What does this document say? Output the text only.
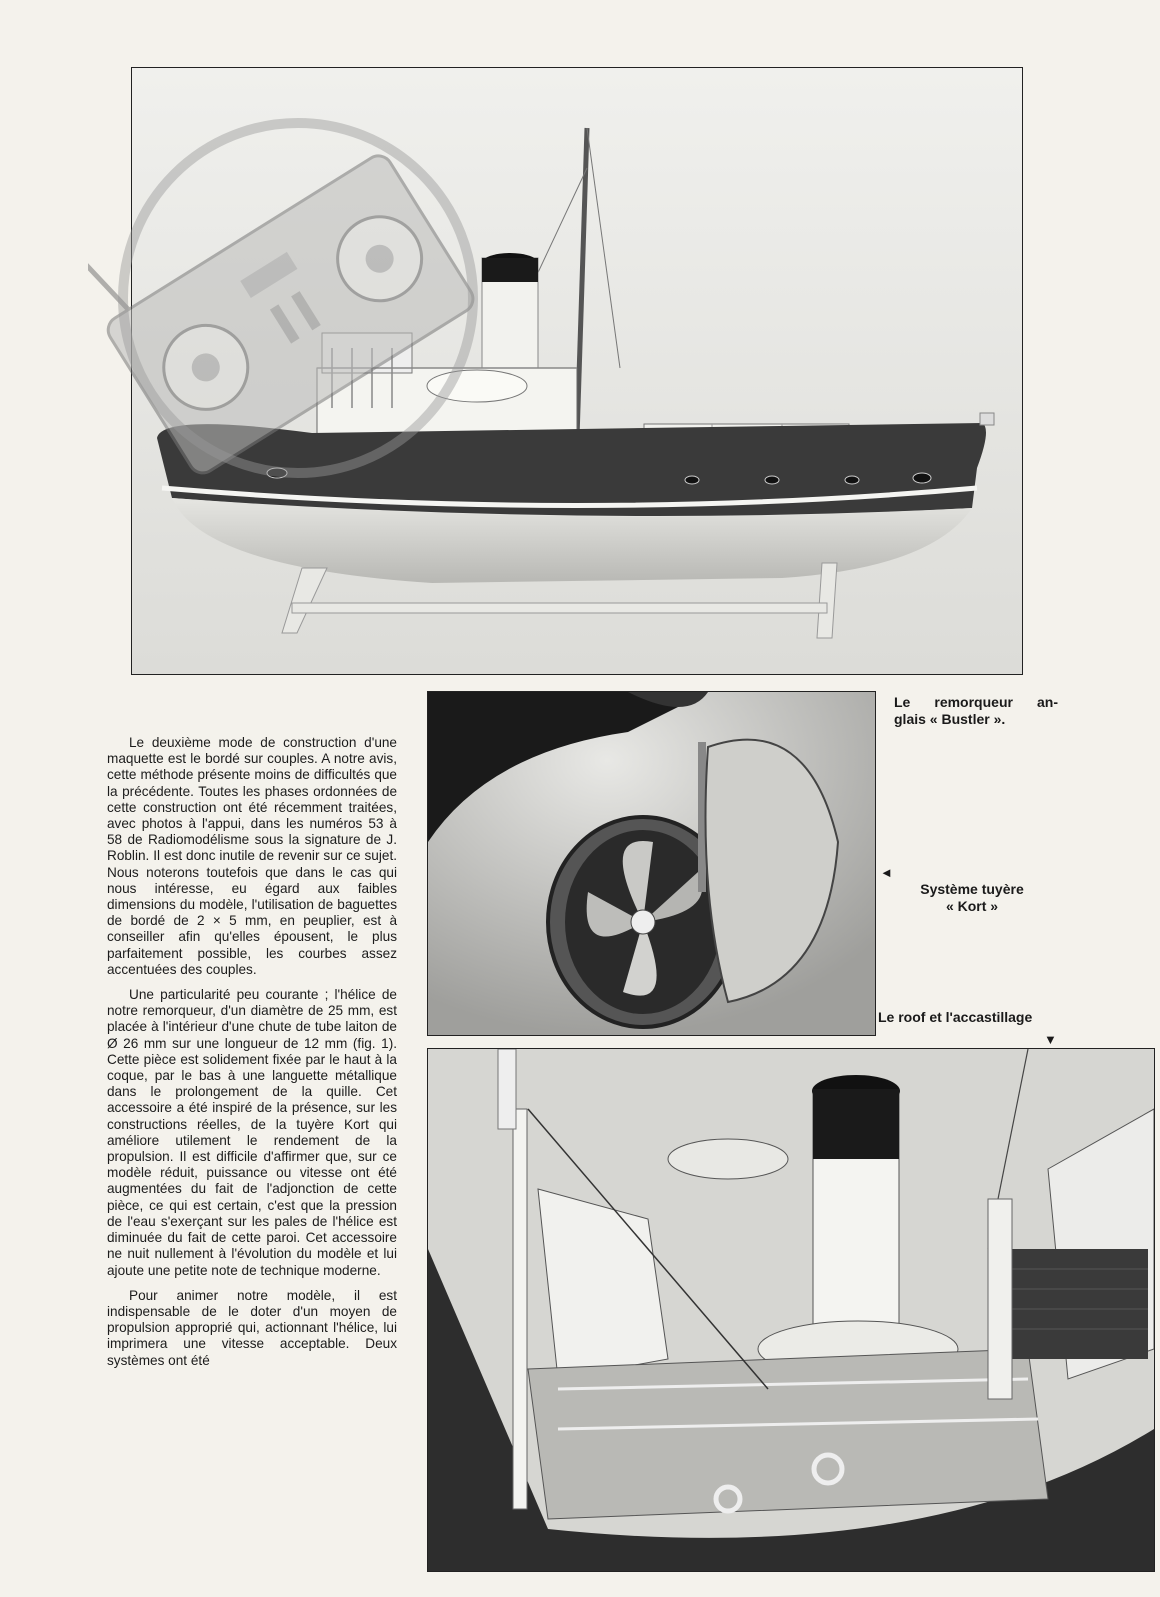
Le remorqueur an-
glais « Bustler ».
◄
Système tuyère
« Kort »
Le roof et l'accastillage
▼

Le deuxième mode de construction d'une maquette est le bordé sur couples. A notre avis, cette méthode présente moins de difficultés que la précédente. Toutes les phases ordonnées de cette construction ont été récemment traitées, avec photos à l'appui, dans les numéros 53 à 58 de Radiomodélisme sous la signature de J. Roblin. Il est donc inutile de revenir sur ce sujet. Nous noterons toutefois que dans le cas qui nous intéresse, eu égard aux faibles dimensions du modèle, l'utilisation de baguettes de bordé de 2 × 5 mm, en peuplier, est à conseiller afin qu'elles épousent, le plus parfaitement possible, les courbes assez accentuées des couples.

Une particularité peu courante ; l'hélice de notre remorqueur, d'un diamètre de 25 mm, est placée à l'intérieur d'une chute de tube laiton de Ø 26 mm sur une longueur de 12 mm (fig. 1). Cette pièce est solidement fixée par le haut à la coque, par le bas à une languette métallique dans le prolongement de la quille. Cet accessoire a été inspiré de la présence, sur les constructions réelles, de la tuyère Kort qui améliore utilement le rendement de la propulsion. Il est difficile d'affirmer que, sur ce modèle réduit, puissance ou vitesse ont été augmentées du fait de l'adjonction de cette pièce, ce qui est certain, c'est que la pression de l'eau s'exerçant sur les pales de l'hélice est diminuée du fait de cette paroi. Cet accessoire ne nuit nullement à l'évolution du modèle et lui ajoute une petite note de technique moderne.

Pour animer notre modèle, il est indispensable de le doter d'un moyen de propulsion approprié qui, actionnant l'hélice, lui imprimera une vitesse acceptable. Deux systèmes ont été
